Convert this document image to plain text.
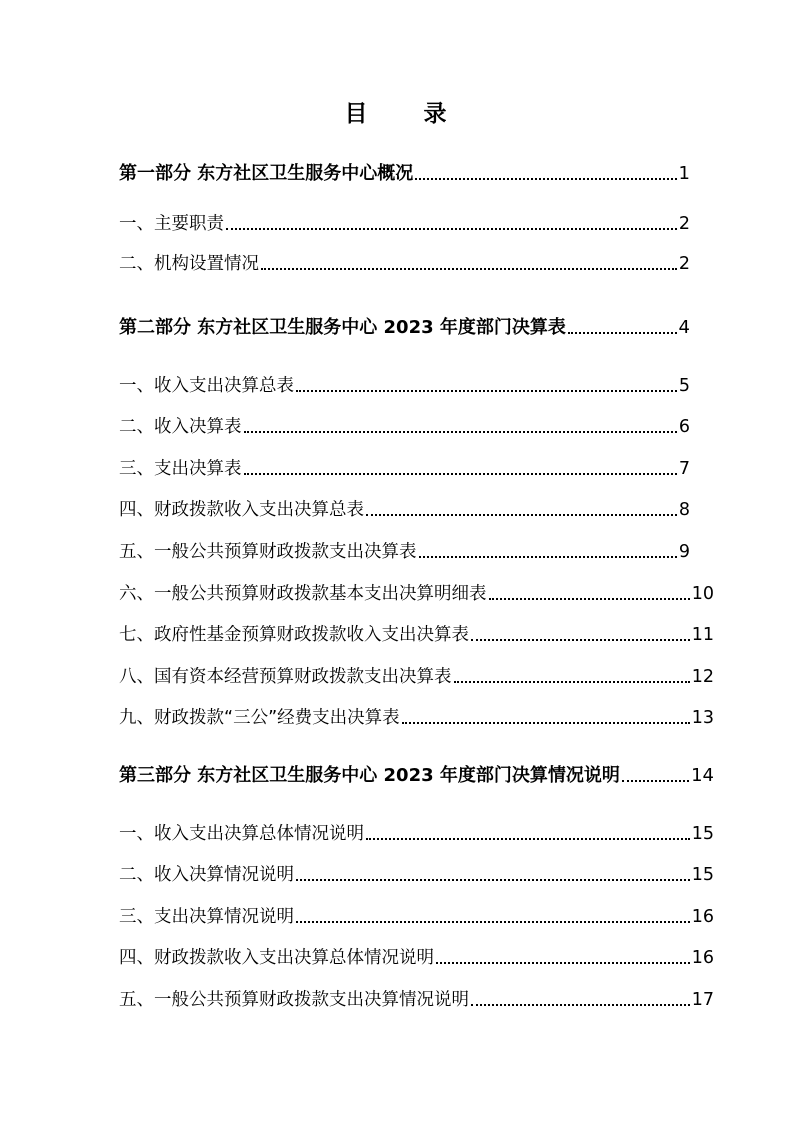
目 录
第一部分 东方社区卫生服务中心概况	1
一、主要职责	2
二、机构设置情况	2
第二部分 东方社区卫生服务中心 2023 年度部门决算表	4
一、收入支出决算总表	5
二、收入决算表	6
三、支出决算表	7
四、财政拨款收入支出决算总表	8
五、一般公共预算财政拨款支出决算表	9
六、一般公共预算财政拨款基本支出决算明细表	10
七、政府性基金预算财政拨款收入支出决算表	11
八、国有资本经营预算财政拨款支出决算表	12
九、财政拨款“三公”经费支出决算表	13
第三部分 东方社区卫生服务中心 2023 年度部门决算情况说明	14
一、收入支出决算总体情况说明	15
二、收入决算情况说明	15
三、支出决算情况说明	16
四、财政拨款收入支出决算总体情况说明	16
五、一般公共预算财政拨款支出决算情况说明	17
